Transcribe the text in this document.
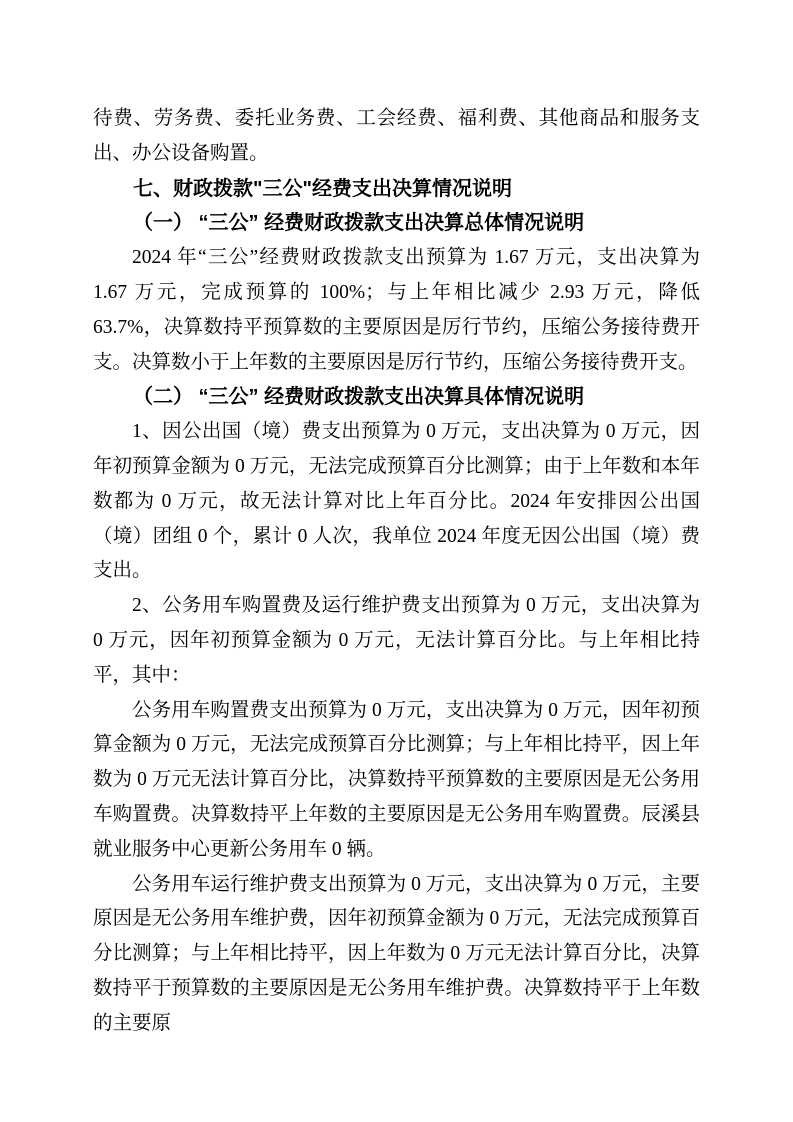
待费、劳务费、委托业务费、工会经费、福利费、其他商品和服务支出、办公设备购置。

七、财政拨款"三公"经费支出决算情况说明

（一） “三公” 经费财政拨款支出决算总体情况说明

2024 年“三公”经费财政拨款支出预算为 1.67 万元，支出决算为 1.67 万元，完成预算的 100%；与上年相比减少 2.93 万元，降低 63.7%，决算数持平预算数的主要原因是厉行节约，压缩公务接待费开支。决算数小于上年数的主要原因是厉行节约，压缩公务接待费开支。

（二） “三公” 经费财政拨款支出决算具体情况说明

1、因公出国（境）费支出预算为 0 万元，支出决算为 0 万元，因年初预算金额为 0 万元，无法完成预算百分比测算；由于上年数和本年数都为 0 万元，故无法计算对比上年百分比。2024 年安排因公出国（境）团组 0 个，累计 0 人次，我单位 2024 年度无因公出国（境）费支出。

2、公务用车购置费及运行维护费支出预算为 0 万元，支出决算为 0 万元，因年初预算金额为 0 万元，无法计算百分比。与上年相比持平，其中：

公务用车购置费支出预算为 0 万元，支出决算为 0 万元，因年初预算金额为 0 万元，无法完成预算百分比测算；与上年相比持平，因上年数为 0 万元无法计算百分比，决算数持平预算数的主要原因是无公务用车购置费。决算数持平上年数的主要原因是无公务用车购置费。辰溪县就业服务中心更新公务用车 0 辆。

公务用车运行维护费支出预算为 0 万元，支出决算为 0 万元，主要原因是无公务用车维护费，因年初预算金额为 0 万元，无法完成预算百分比测算；与上年相比持平，因上年数为 0 万元无法计算百分比，决算数持平于预算数的主要原因是无公务用车维护费。决算数持平于上年数的主要原
